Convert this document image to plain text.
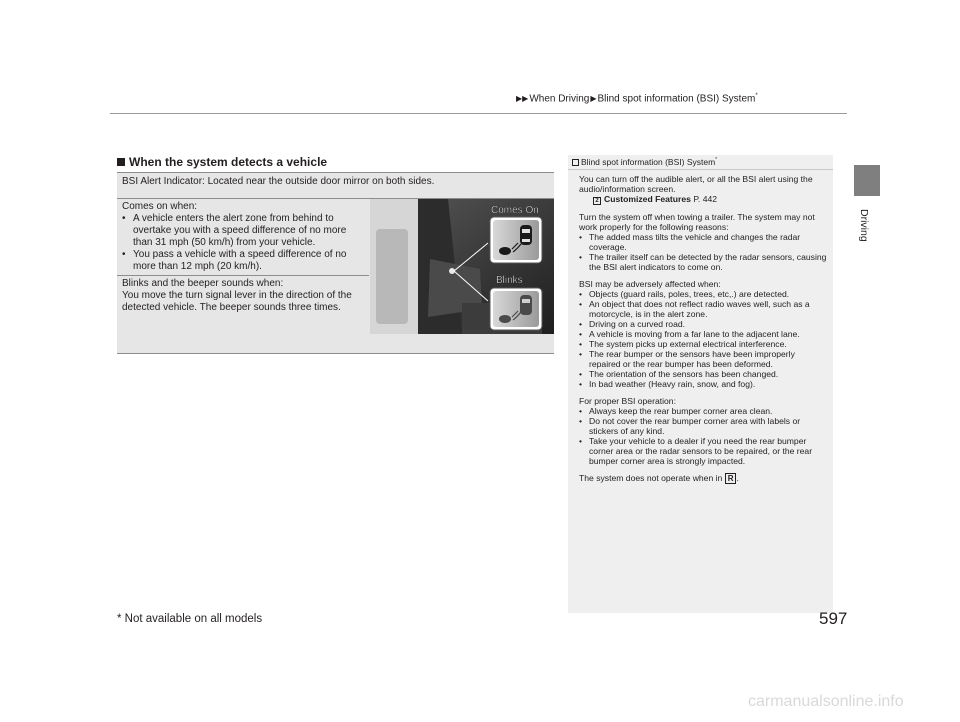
▶▶When Driving▶Blind spot information (BSI) System*
Driving
When the system detects a vehicle
BSI Alert Indicator: Located near the outside door mirror on both sides.
Comes on when:
• A vehicle enters the alert zone from behind to overtake you with a speed difference of no more than 31 mph (50 km/h) from your vehicle.
• You pass a vehicle with a speed difference of no more than 12 mph (20 km/h).
Blinks and the beeper sounds when:
You move the turn signal lever in the direction of the detected vehicle. The beeper sounds three times.
Comes On
Blinks
Blind spot information (BSI) System*

You can turn off the audible alert, or all the BSI alert using the audio/information screen.
2 Customized Features P. 442

Turn the system off when towing a trailer. The system may not work properly for the following reasons:
• The added mass tilts the vehicle and changes the radar coverage.
• The trailer itself can be detected by the radar sensors, causing the BSI alert indicators to come on.
BSI may be adversely affected when:
• Objects (guard rails, poles, trees, etc,.) are detected.
• An object that does not reflect radio waves well, such as a motorcycle, is in the alert zone.
• Driving on a curved road.
• A vehicle is moving from a far lane to the adjacent lane.
• The system picks up external electrical interference.
• The rear bumper or the sensors have been improperly repaired or the rear bumper has been deformed.
• The orientation of the sensors has been changed.
• In bad weather (Heavy rain, snow, and fog).
For proper BSI operation:
• Always keep the rear bumper corner area clean.
• Do not cover the rear bumper corner area with labels or stickers of any kind.
• Take your vehicle to a dealer if you need the rear bumper corner area or the radar sensors to be repaired, or the rear bumper corner area is strongly impacted.
The system does not operate when in R .
* Not available on all models	597
carmanualsonline.info
